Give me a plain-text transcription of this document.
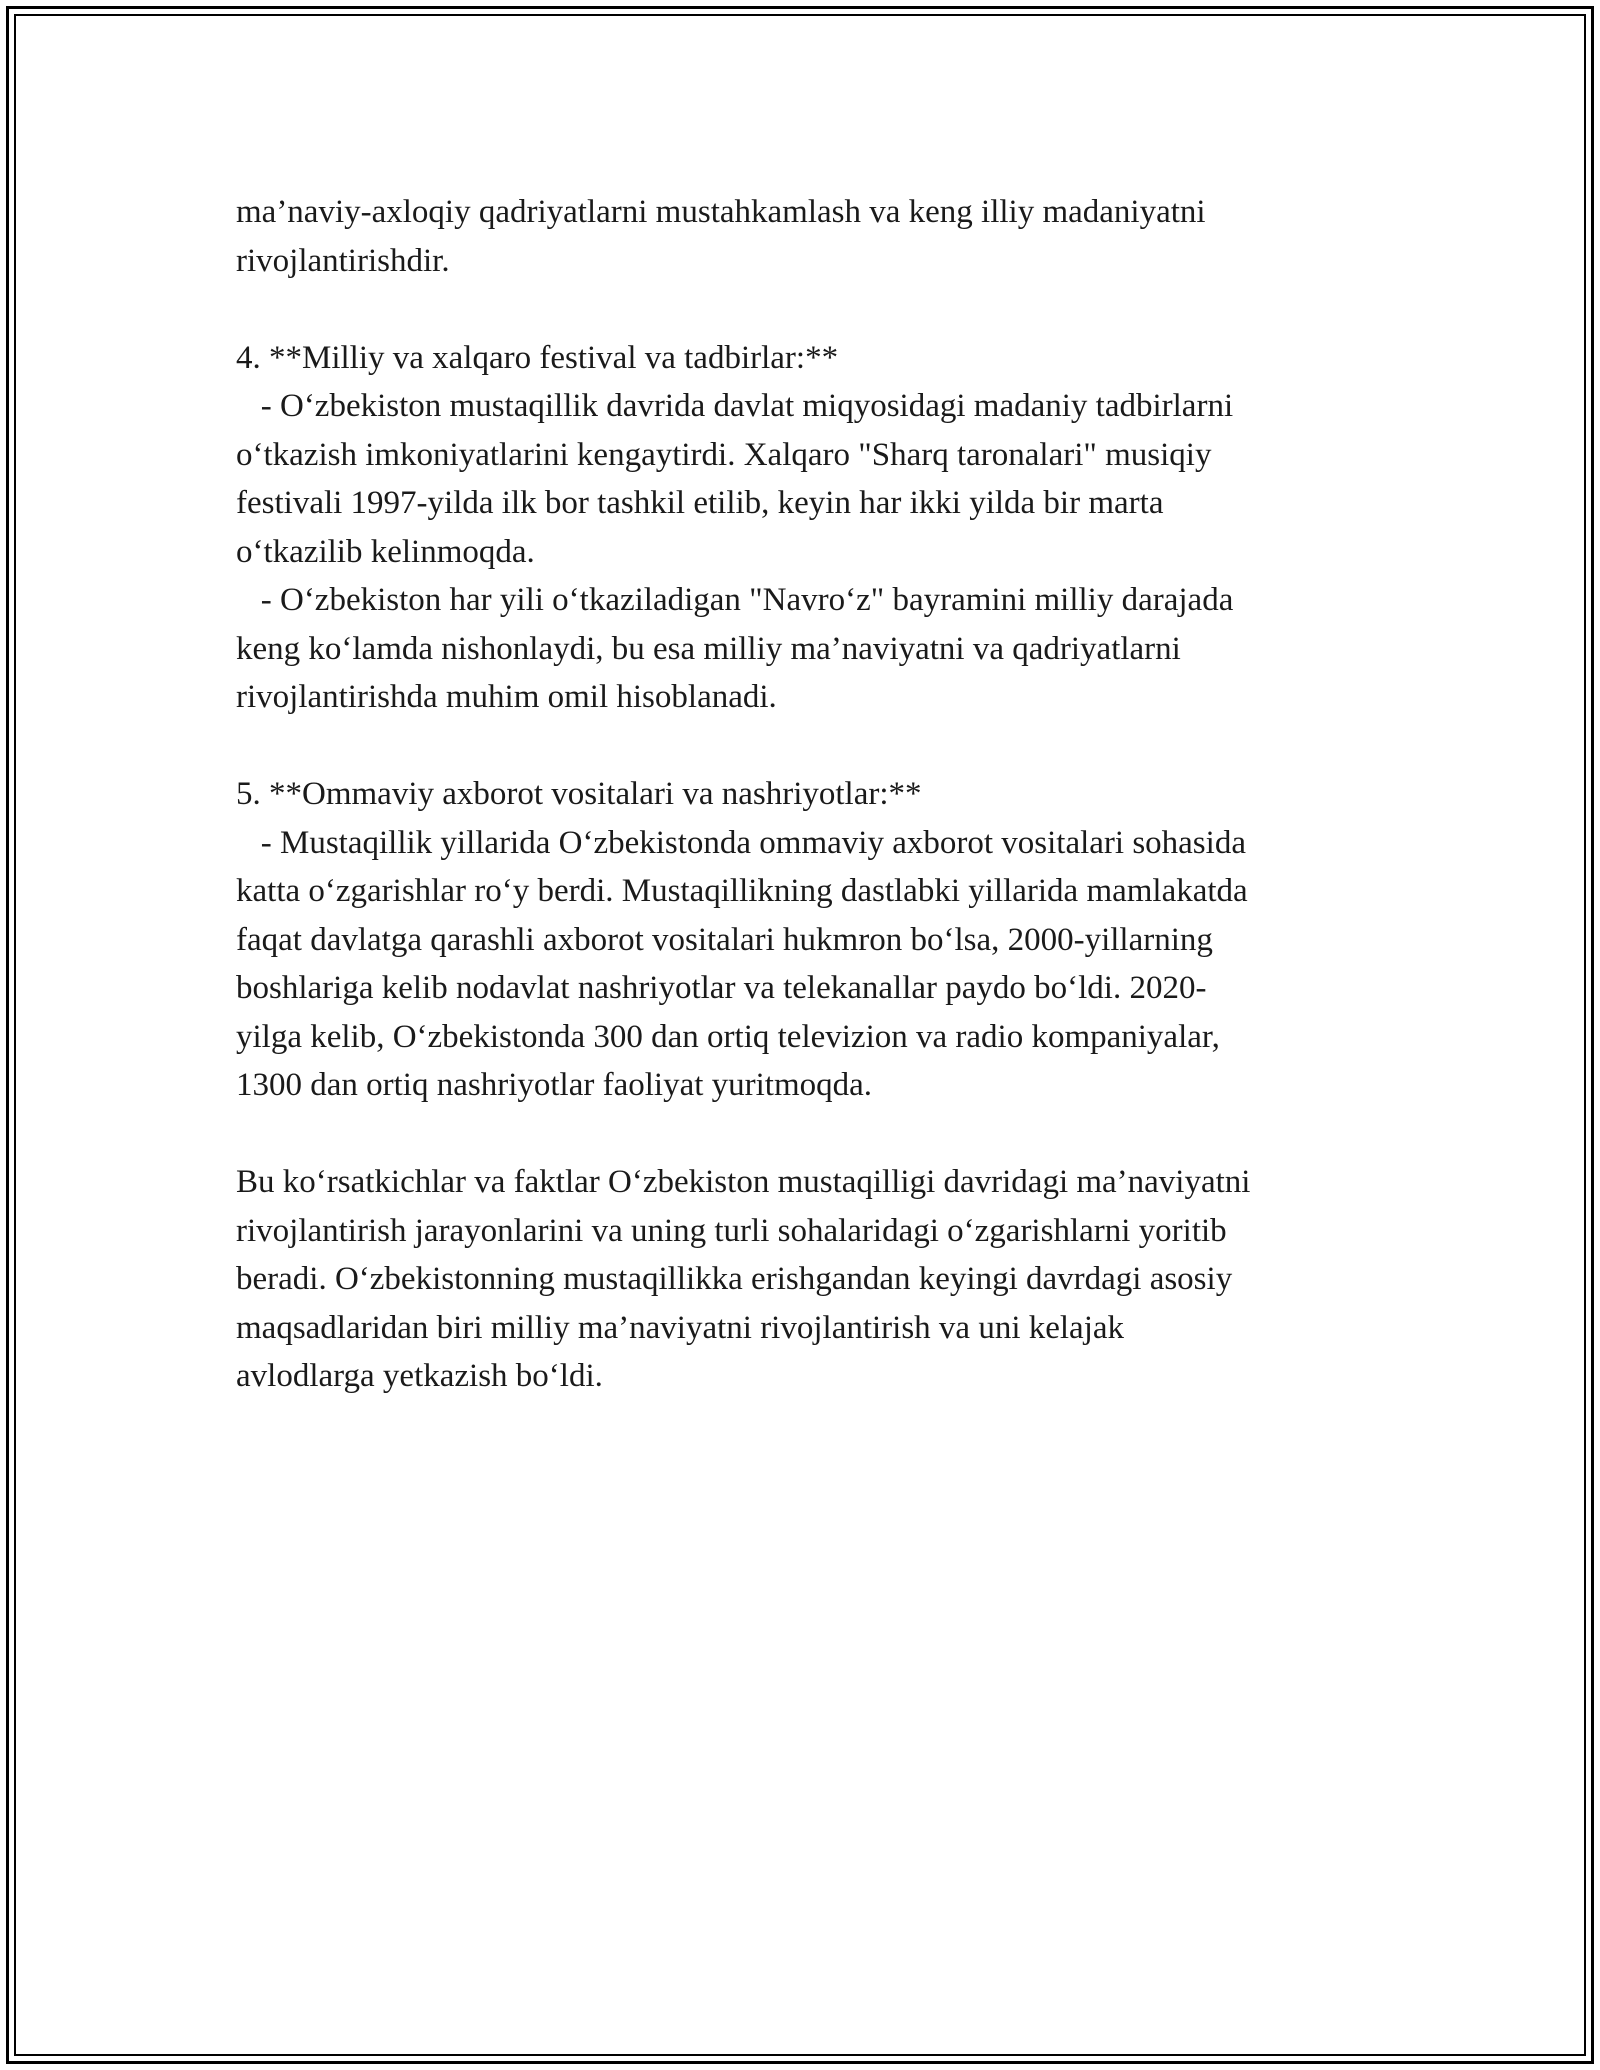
ma’naviy-axloqiy qadriyatlarni mustahkamlash va keng illiy madaniyatni
rivojlantirishdir.
4. **Milliy va xalqaro festival va tadbirlar:**
- O‘zbekiston mustaqillik davrida davlat miqyosidagi madaniy tadbirlarni
o‘tkazish imkoniyatlarini kengaytirdi. Xalqaro "Sharq taronalari" musiqiy
festivali 1997-yilda ilk bor tashkil etilib, keyin har ikki yilda bir marta
o‘tkazilib kelinmoqda.
- O‘zbekiston har yili o‘tkaziladigan "Navro‘z" bayramini milliy darajada
keng ko‘lamda nishonlaydi, bu esa milliy ma’naviyatni va qadriyatlarni
rivojlantirishda muhim omil hisoblanadi.
5. **Ommaviy axborot vositalari va nashriyotlar:**
- Mustaqillik yillarida O‘zbekistonda ommaviy axborot vositalari sohasida
katta o‘zgarishlar ro‘y berdi. Mustaqillikning dastlabki yillarida mamlakatda
faqat davlatga qarashli axborot vositalari hukmron bo‘lsa, 2000-yillarning
boshlariga kelib nodavlat nashriyotlar va telekanallar paydo bo‘ldi. 2020-
yilga kelib, O‘zbekistonda 300 dan ortiq televizion va radio kompaniyalar,
1300 dan ortiq nashriyotlar faoliyat yuritmoqda.
Bu ko‘rsatkichlar va faktlar O‘zbekiston mustaqilligi davridagi ma’naviyatni
rivojlantirish jarayonlarini va uning turli sohalaridagi o‘zgarishlarni yoritib
beradi. O‘zbekistonning mustaqillikka erishgandan keyingi davrdagi asosiy
maqsadlaridan biri milliy ma’naviyatni rivojlantirish va uni kelajak
avlodlarga yetkazish bo‘ldi.
